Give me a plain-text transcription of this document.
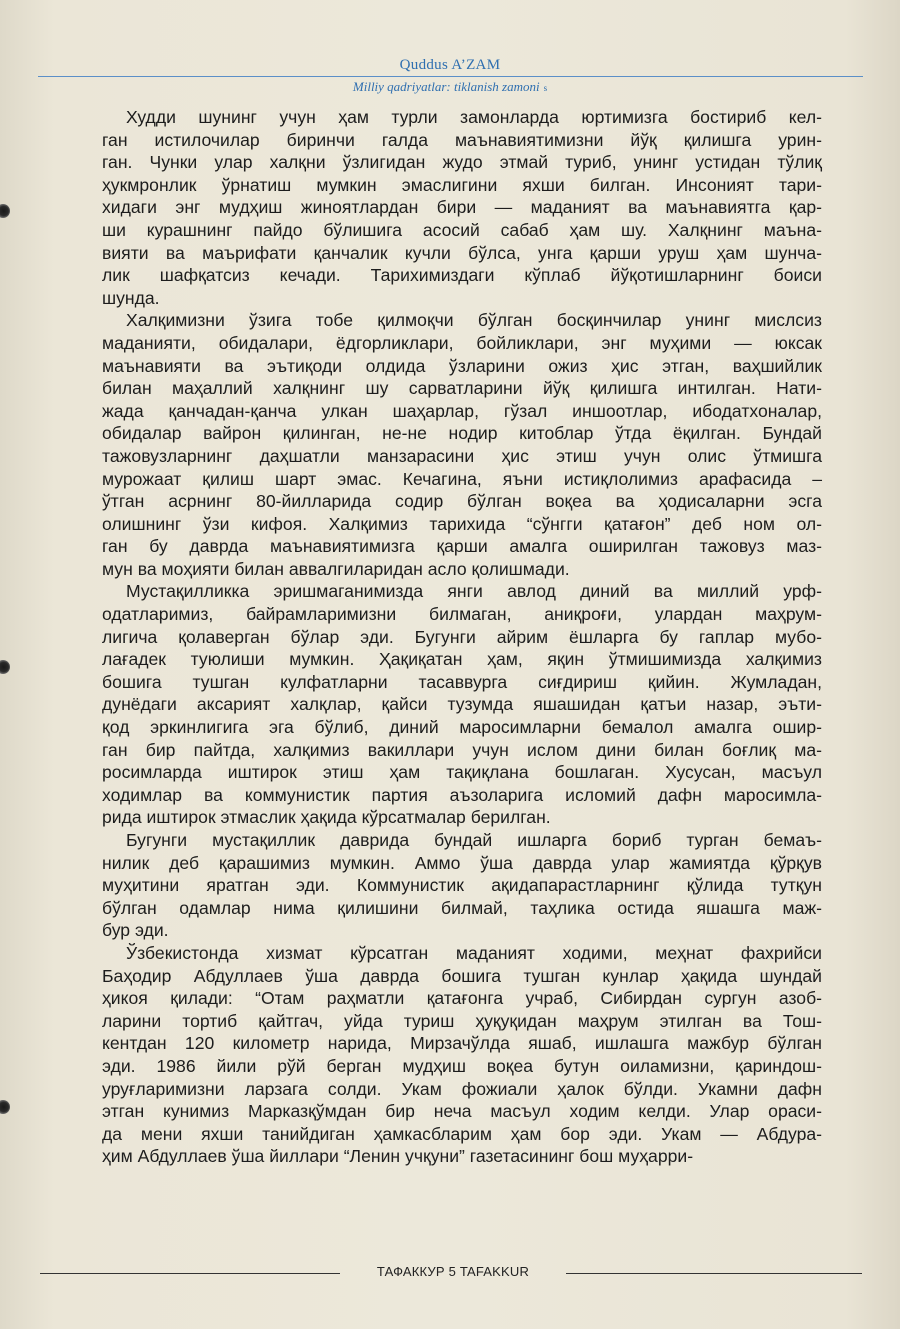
Quddus A’ZAM
Milliy qadriyatlar: tiklanish zamoni s
Худди шунинг учун ҳам турли замонларда юртимизга бостириб кел-
ган истилочилар биринчи галда маънавиятимизни йўқ қилишга урин-
ган. Чунки улар халқни ўзлигидан жудо этмай туриб, унинг устидан тўлиқ
ҳукмронлик ўрнатиш мумкин эмаслигини яхши билган. Инсоният тари-
хидаги энг мудҳиш жиноятлардан бири — маданият ва маънавиятга қар-
ши курашнинг пайдо бўлишига асосий сабаб ҳам шу. Халқнинг маъна-
вияти ва маърифати қанчалик кучли бўлса, унга қарши уруш ҳам шунча-
лик шафқатсиз кечади. Тарихимиздаги кўплаб йўқотишларнинг боиси
шунда.
Халқимизни ўзига тобе қилмоқчи бўлган босқинчилар унинг мислсиз
маданияти, обидалари, ёдгорликлари, бойликлари, энг муҳими — юксак
маънавияти ва эътиқоди олдида ўзларини ожиз ҳис этган, ваҳшийлик
билан маҳаллий халқнинг шу сарватларини йўқ қилишга интилган. Нати-
жада қанчадан-қанча улкан шаҳарлар, гўзал иншоотлар, ибодатхоналар,
обидалар вайрон қилинган, не-не нодир китоблар ўтда ёқилган. Бундай
тажовузларнинг даҳшатли манзарасини ҳис этиш учун олис ўтмишга
мурожаат қилиш шарт эмас. Кечагина, яъни истиқлолимиз арафасида –
ўтган асрнинг 80-йилларида содир бўлган воқеа ва ҳодисаларни эсга
олишнинг ўзи кифоя. Халқимиз тарихида “сўнгги қатағон” деб ном ол-
ган бу даврда маънавиятимизга қарши амалга оширилган тажовуз маз-
мун ва моҳияти билан аввалгиларидан асло қолишмади.
Мустақилликка эришмаганимизда янги авлод диний ва миллий урф-
одатларимиз, байрамларимизни билмаган, аниқроғи, улардан маҳрум-
лигича қолаверган бўлар эди. Бугунги айрим ёшларга бу гаплар мубо-
лағадек туюлиши мумкин. Ҳақиқатан ҳам, яқин ўтмишимизда халқимиз
бошига тушган кулфатларни тасаввурга сиғдириш қийин. Жумладан,
дунёдаги аксарият халқлар, қайси тузумда яшашидан қатъи назар, эъти-
қод эркинлигига эга бўлиб, диний маросимларни бемалол амалга ошир-
ган бир пайтда, халқимиз вакиллари учун ислом дини билан боғлиқ ма-
росимларда иштирок этиш ҳам тақиқлана бошлаган. Хусусан, масъул
ходимлар ва коммунистик партия аъзоларига исломий дафн маросимла-
рида иштирок этмаслик ҳақида кўрсатмалар берилган.
Бугунги мустақиллик даврида бундай ишларга бориб турган бемаъ-
нилик деб қарашимиз мумкин. Аммо ўша даврда улар жамиятда қўрқув
муҳитини яратган эди. Коммунистик ақидапарастларнинг қўлида тутқун
бўлган одамлар нима қилишини билмай, таҳлика остида яшашга маж-
бур эди.
Ўзбекистонда хизмат кўрсатган маданият ходими, меҳнат фахрийси
Баҳодир Абдуллаев ўша даврда бошига тушган кунлар ҳақида шундай
ҳикоя қилади: “Отам раҳматли қатағонга учраб, Сибирдан сургун азоб-
ларини тортиб қайтгач, уйда туриш ҳуқуқидан маҳрум этилган ва Тош-
кентдан 120 километр нарида, Мирзачўлда яшаб, ишлашга мажбур бўлган
эди. 1986 йили рўй берган мудҳиш воқеа бутун оиламизни, қариндош-
уруғларимизни ларзага солди. Укам фожиали ҳалок бўлди. Укамни дафн
этган кунимиз Марказқўмдан бир неча масъул ходим келди. Улар ораси-
да мени яхши танийдиган ҳамкасбларим ҳам бор эди. Укам — Абдура-
ҳим Абдуллаев ўша йиллари “Ленин учқуни” газетасининг бош муҳарри-
ТАФАККУР 5 TAFAKKUR
